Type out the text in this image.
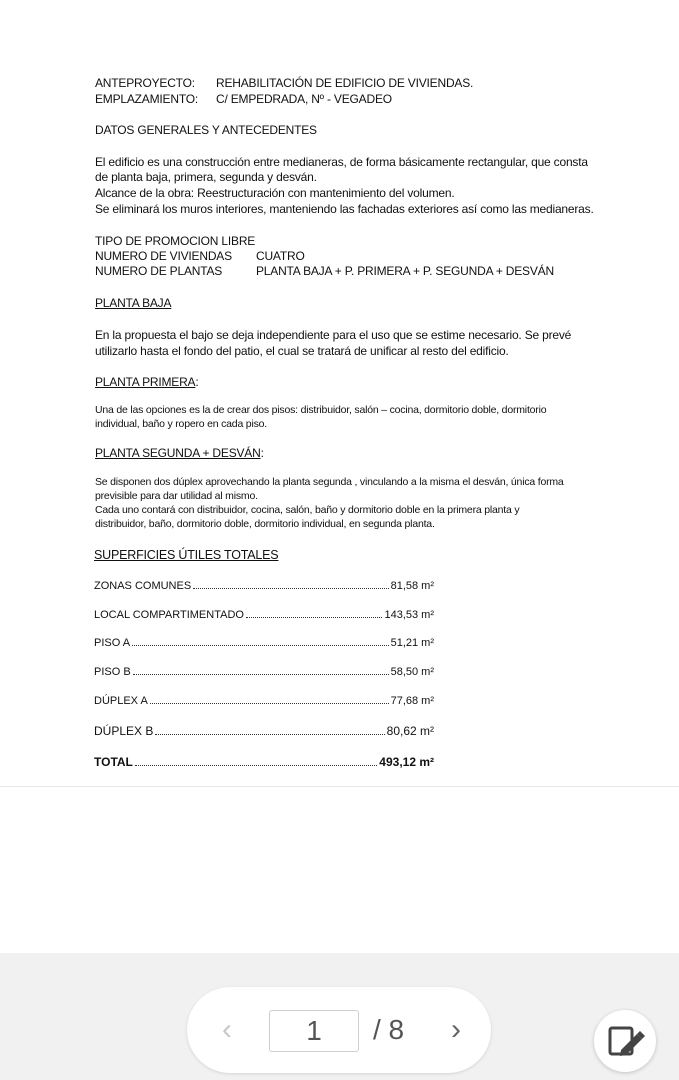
ANTEPROYECTO: REHABILITACIÓN DE EDIFICIO DE VIVIENDAS.
EMPLAZAMIENTO: C/ EMPEDRADA, Nº - VEGADEO
DATOS GENERALES Y ANTECEDENTES
El edificio es una construcción entre medianeras, de forma básicamente rectangular, que consta
de planta baja, primera, segunda y desván.
Alcance de la obra: Reestructuración con mantenimiento del volumen.
Se eliminará los muros interiores, manteniendo las fachadas exteriores así como las medianeras.
TIPO DE PROMOCION LIBRE
NUMERO DE VIVIENDAS CUATRO
NUMERO DE PLANTAS	PLANTA BAJA + P. PRIMERA + P. SEGUNDA + DESVÁN
PLANTA BAJA
En la propuesta el bajo se deja independiente para el uso que se estime necesario. Se prevé
utilizarlo hasta el fondo del patio, el cual se tratará de unificar al resto del edificio.
PLANTA PRIMERA:
Una de las opciones es la de crear dos pisos: distribuidor, salón – cocina, dormitorio doble, dormitorio
individual, baño y ropero en cada piso.
PLANTA SEGUNDA + DESVÁN:
Se disponen dos dúplex aprovechando la planta segunda , vinculando a la misma el desván, única forma
previsible para dar utilidad al mismo.
Cada uno contará con distribuidor, cocina, salón, baño y dormitorio doble en la primera planta y
distribuidor, baño, dormitorio doble, dormitorio individual, en segunda planta.
SUPERFICIES ÚTILES TOTALES
ZONAS COMUNES	81,58 m²
LOCAL COMPARTIMENTADO	143,53 m²
PISO A	51,21 m²
PISO B	58,50 m²
DÚPLEX A	77,68 m²
DÚPLEX B	80,62 m²
TOTAL	493,12 m²
‹	1	/ 8	›
